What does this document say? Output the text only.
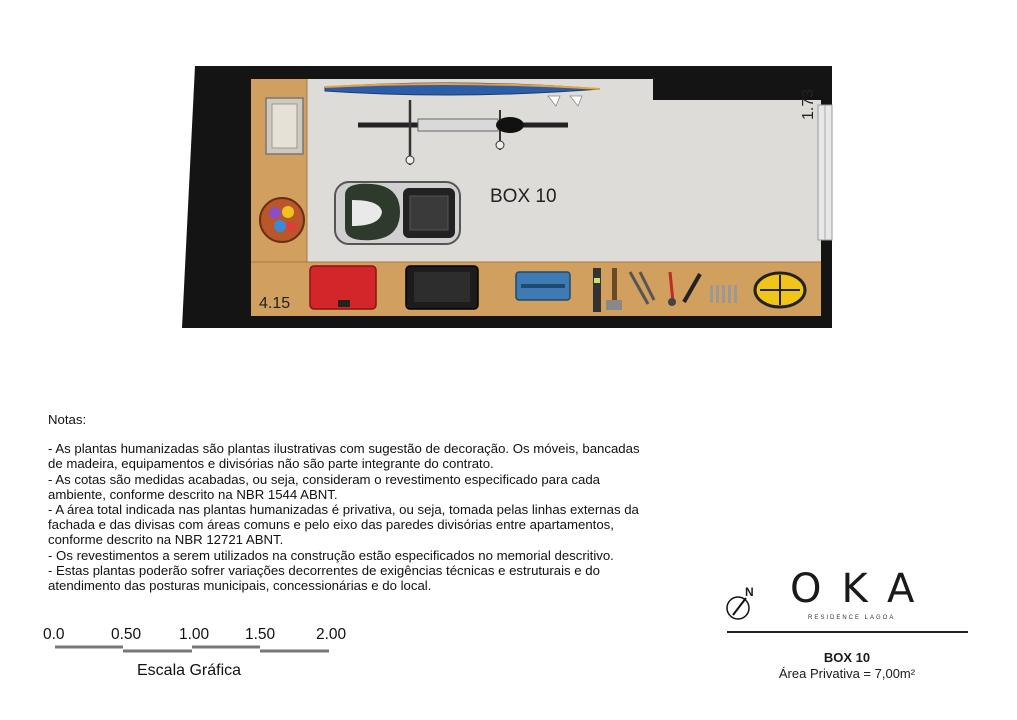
BOX 10
4.15
1.73
Notas:

- As plantas humanizadas são plantas ilustrativas com sugestão de decoração. Os móveis, bancadas de madeira, equipamentos e divisórias não são parte integrante do contrato.

- As cotas são medidas acabadas, ou seja, consideram o revestimento especificado para cada ambiente, conforme descrito na NBR 1544 ABNT.

- A área total indicada nas plantas humanizadas é privativa, ou seja, tomada pelas linhas externas da fachada e das divisas com áreas comuns e pelo eixo das paredes divisórias entre apartamentos, conforme descrito na NBR 12721 ABNT.

- Os revestimentos a serem utilizados na construção estão especificados no memorial descritivo.

- Estas plantas poderão sofrer variações decorrentes de exigências técnicas e estruturais e do atendimento das posturas municipais, concessionárias e do local.

0.0	0.50 1.00 1.50	2.00
Escala Gráfica
N OKA
RESIDENCE LAGOA
BOX 10
Área Privativa = 7,00m²
